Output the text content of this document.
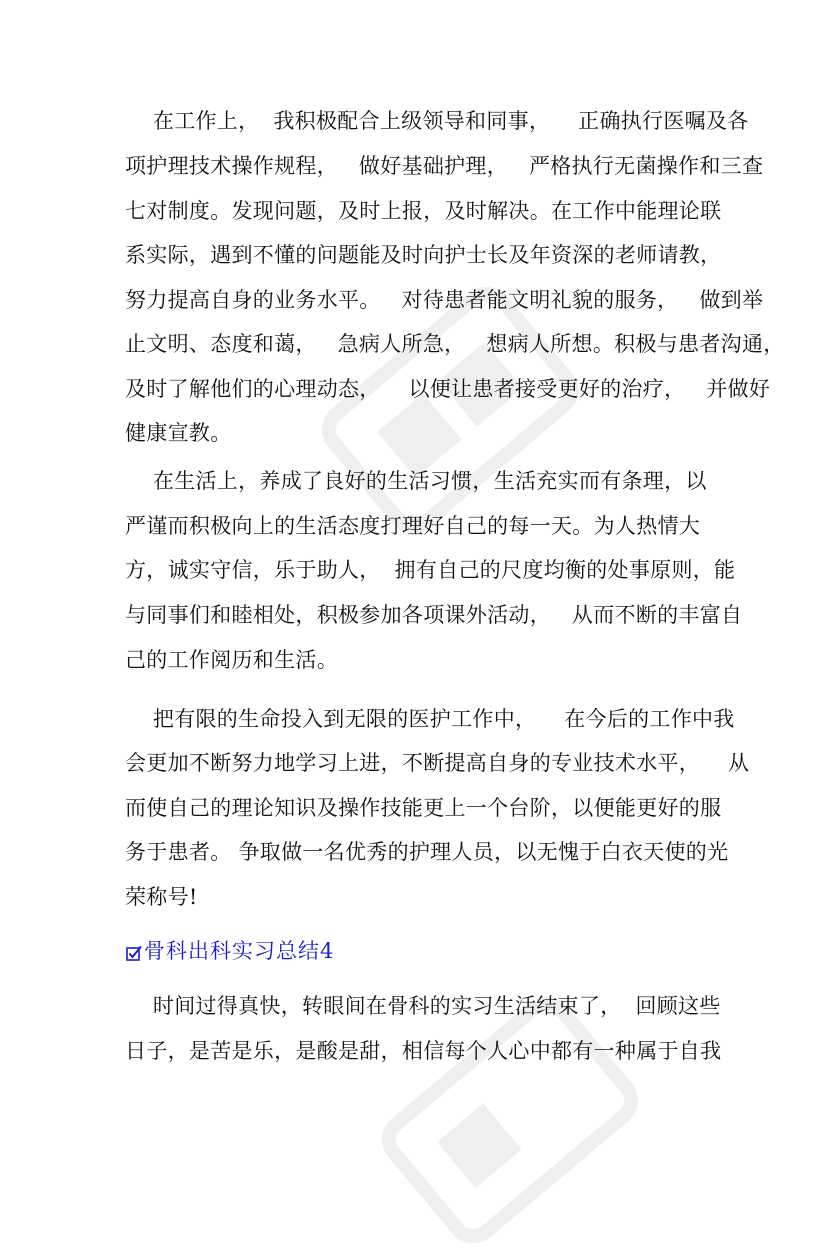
在工作上，  我积极配合上级领导和同事，    正确执行医嘱及各
项护理技术操作规程，   做好基础护理，   严格执行无菌操作和三查
七对制度。发现问题，及时上报，及时解决。在工作中能理论联
系实际，遇到不懂的问题能及时向护士长及年资深的老师请教，
努力提高自身的业务水平。   对待患者能文明礼貌的服务，   做到举
止文明、态度和蔼，   急病人所急，   想病人所想。积极与患者沟通，
及时了解他们的心理动态，    以便让患者接受更好的治疗，   并做好
健康宣教。
在生活上，养成了良好的生活习惯，生活充实而有条理，以
严谨而积极向上的生活态度打理好自己的每一天。为人热情大
方，诚实守信，乐于助人，  拥有自己的尺度均衡的处事原则，能
与同事们和睦相处，积极参加各项课外活动，   从而不断的丰富自
己的工作阅历和生活。
把有限的生命投入到无限的医护工作中，    在今后的工作中我
会更加不断努力地学习上进，不断提高自身的专业技术水平，    从
而使自己的理论知识及操作技能更上一个台阶，以便能更好的服
务于患者。 争取做一名优秀的护理人员，以无愧于白衣天使的光
荣称号!
骨科出科实习总结4
时间过得真快，转眼间在骨科的实习生活结束了，  回顾这些
日子，是苦是乐，是酸是甜，相信每个人心中都有一种属于自我
